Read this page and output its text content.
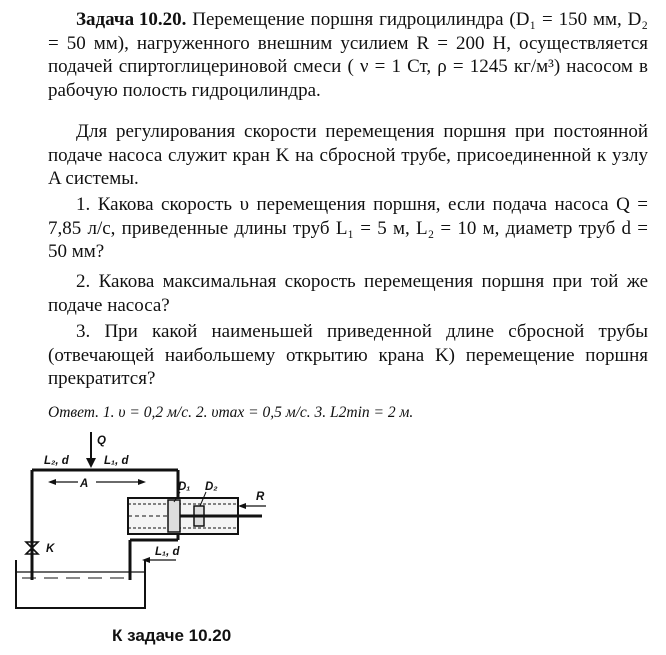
Задача 10.20. Перемещение поршня гидроцилиндра (D₁ = 150 мм, D₂ = 50 мм), нагруженного внешним усилием R = 200 Н, осуществляется подачей спиртоглицериновой смеси ( ν = 1 Ст, ρ = 1245 кг/м³) насосом в рабочую полость гидроцилиндра.

Для регулирования скорости перемещения поршня при постоянной подаче насоса служит кран K на сбросной трубе, присоединенной к узлу A системы.

1. Какова скорость υ перемещения поршня, если подача насоса Q = 7,85 л/с, приведенные длины труб L₁ = 5 м, L₂ = 10 м, диаметр труб d = 50 мм?

2. Какова максимальная скорость перемещения поршня при той же подаче насоса?

3. При какой наименьшей приведенной длине сбросной трубы (отвечающей наибольшему открытию крана K) перемещение поршня прекратится?

Ответ. 1. υ = 0,2 м/с. 2. υmax = 0,5 м/с. 3. L2min = 2 м.
Q
L₂, d	L₁, d
A	D₁ D₂
R
L₁, d
K
К задаче 10.20
